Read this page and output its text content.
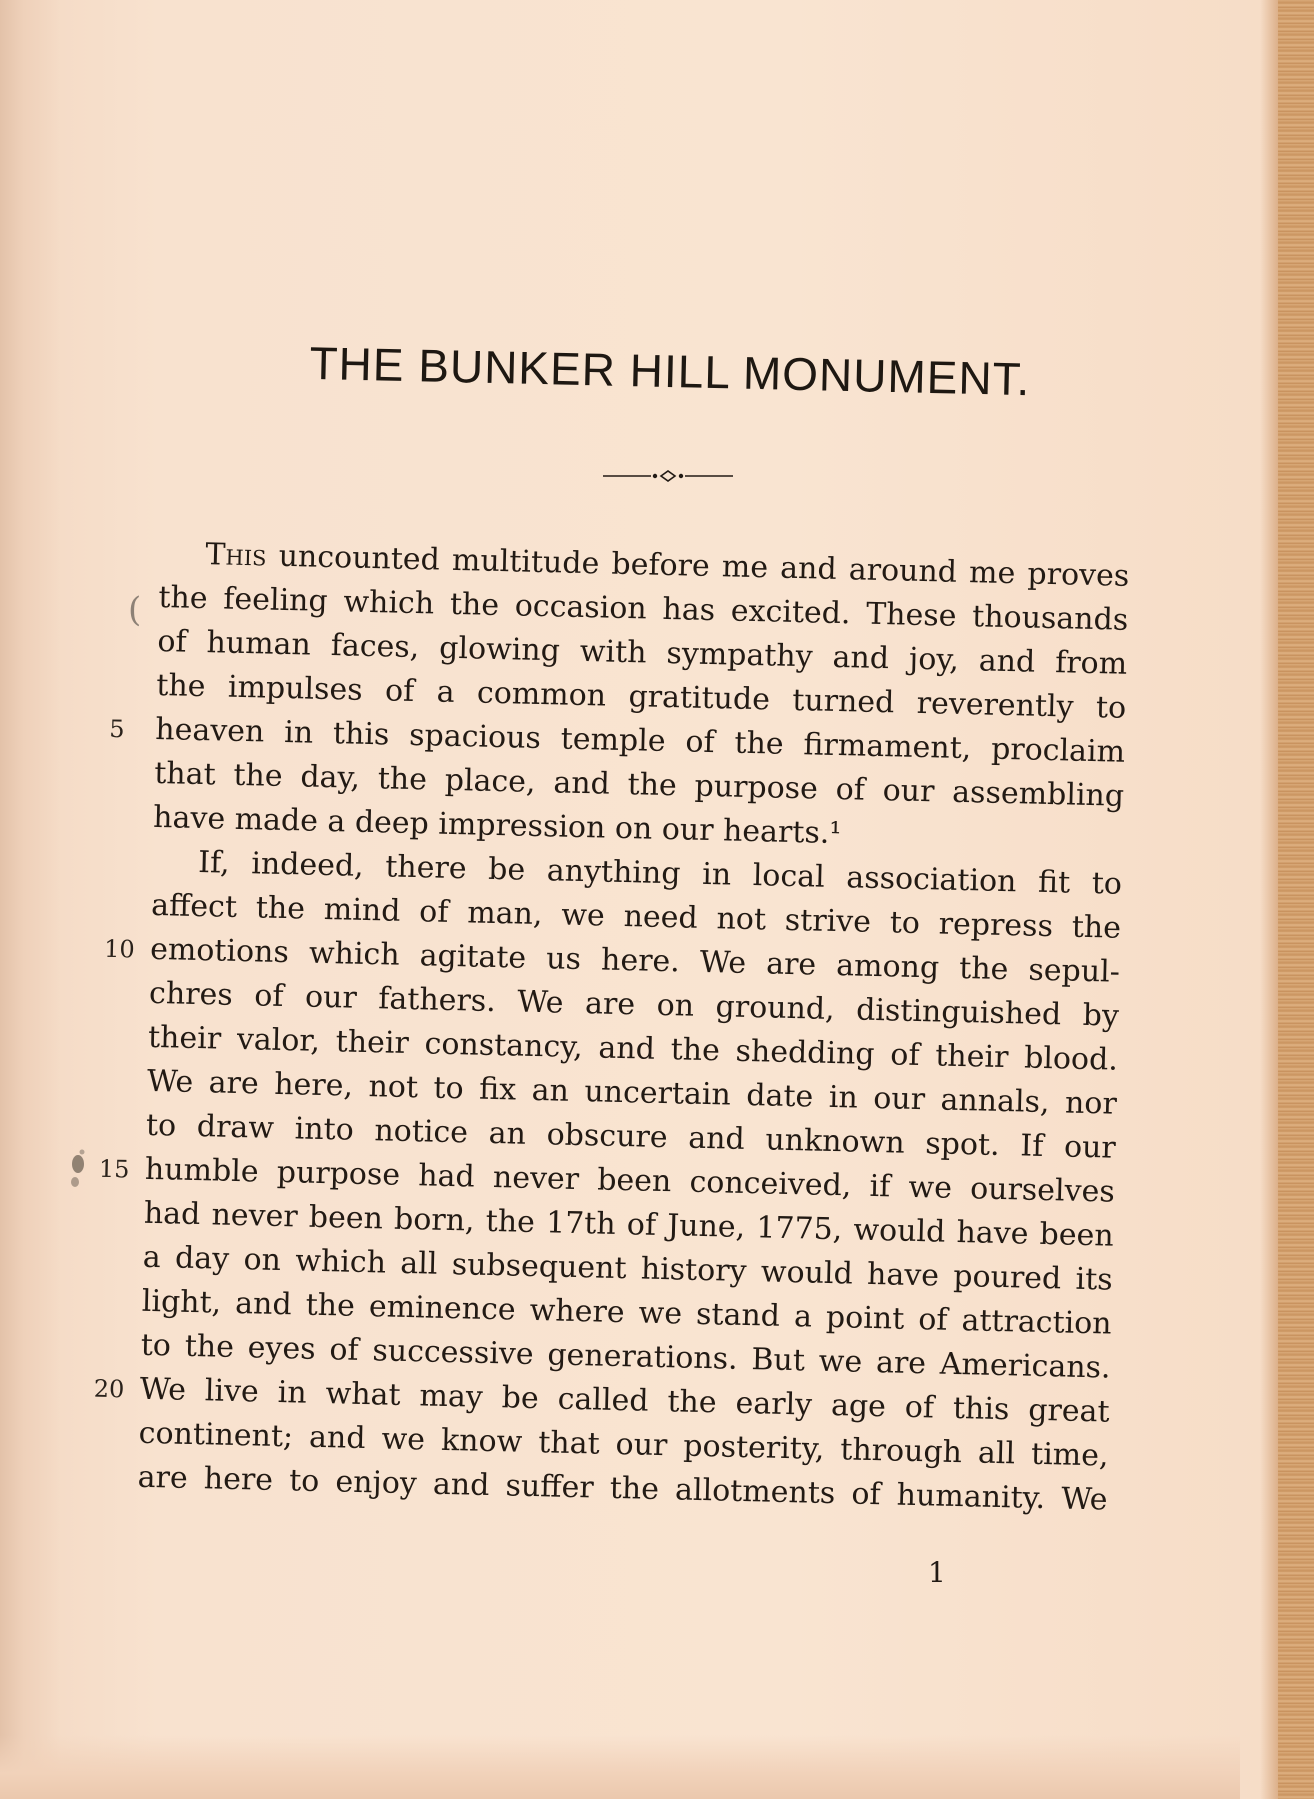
THE BUNKER HILL MONUMENT.
This uncounted multitude before me and around me proves
the feeling which the occasion has excited. These thousands
of human faces, glowing with sympathy and joy, and from
the impulses of a common gratitude turned reverently to
5 heaven in this spacious temple of the firmament, proclaim
that the day, the place, and the purpose of our assembling
have made a deep impression on our hearts.¹
If, indeed, there be anything in local association fit to
affect the mind of man, we need not strive to repress the
10 emotions which agitate us here. We are among the sepul-
chres of our fathers. We are on ground, distinguished by
their valor, their constancy, and the shedding of their blood.
We are here, not to fix an uncertain date in our annals, nor
to draw into notice an obscure and unknown spot. If our
15 humble purpose had never been conceived, if we ourselves
had never been born, the 17th of June, 1775, would have been
a day on which all subsequent history would have poured its
light, and the eminence where we stand a point of attraction
to the eyes of successive generations. But we are Americans.
20 We live in what may be called the early age of this great
continent; and we know that our posterity, through all time,
are here to enjoy and suffer the allotments of humanity. We
(
1
